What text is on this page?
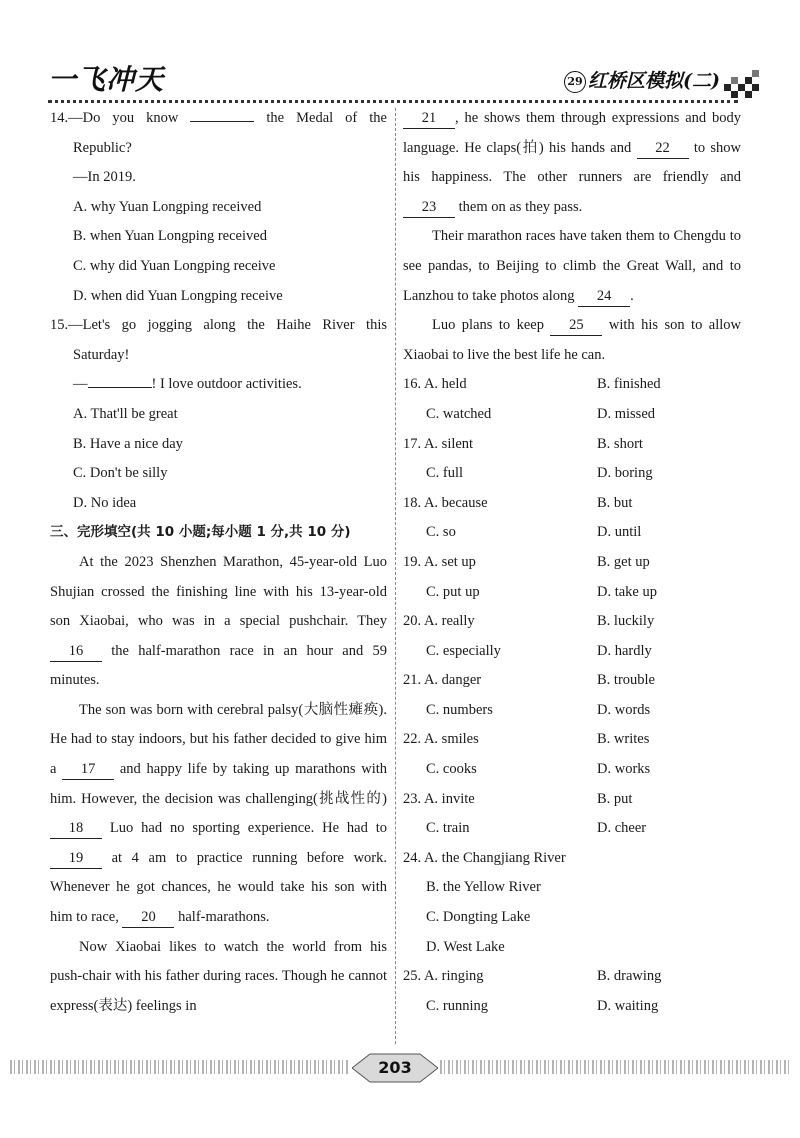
一飞冲天	29 红桥区模拟(二)

14.—Do you know	the Medal of the Republic?

—In 2019.

A. why Yuan Longping received

B. when Yuan Longping received

C. why did Yuan Longping receive

D. when did Yuan Longping receive

15.—Let's go jogging along the Haihe River this Saturday!

—	! I love outdoor activities.

A. That'll be great

B. Have a nice day

C. Don't be silly

D. No idea

三、完形填空(共 10 小题;每小题 1 分,共 10 分)

At the 2023 Shenzhen Marathon, 45-year-old Luo Shujian crossed the finishing line with his 13-year-old son Xiaobai, who was in a special pushchair. They 16 the half-marathon race in an hour and 59 minutes.

The son was born with cerebral palsy(大脑性瘫痪). He had to stay indoors, but his father decided to give him a 17 and happy life by taking up marathons with him. However, the decision was challenging(挑战性的) 18 Luo had no sporting experience. He had to 19 at 4 am to practice running before work. Whenever he got chances, he would take his son with him to race, 20 half-marathons.

Now Xiaobai likes to watch the world from his push-chair with his father during races. Though he cannot express(表达) feelings in

21 , he shows them through expressions and body language. He claps(拍) his hands and 22 to show his happiness. The other runners are friendly and 23 them on as they pass.

Their marathon races have taken them to Chengdu to see pandas, to Beijing to climb the Great Wall, and to Lanzhou to take photos along 24 .

Luo plans to keep 25 with his son to allow Xiaobai to live the best life he can.

16. A. held	B. finished
C. watched	D. missed
17. A. silent	B. short
C. full	D. boring
18. A. because	B. but
C. so	D. until
19. A. set up	B. get up
C. put up	D. take up
20. A. really	B. luckily
C. especially	D. hardly
21. A. danger	B. trouble
C. numbers	D. words
22. A. smiles	B. writes
C. cooks	D. works
23. A. invite	B. put
C. train	D. cheer

24. A. the Changjiang River

B. the Yellow River

C. Dongting Lake

D. West Lake

25. A. ringing	B. drawing
C. running	D. waiting
203
